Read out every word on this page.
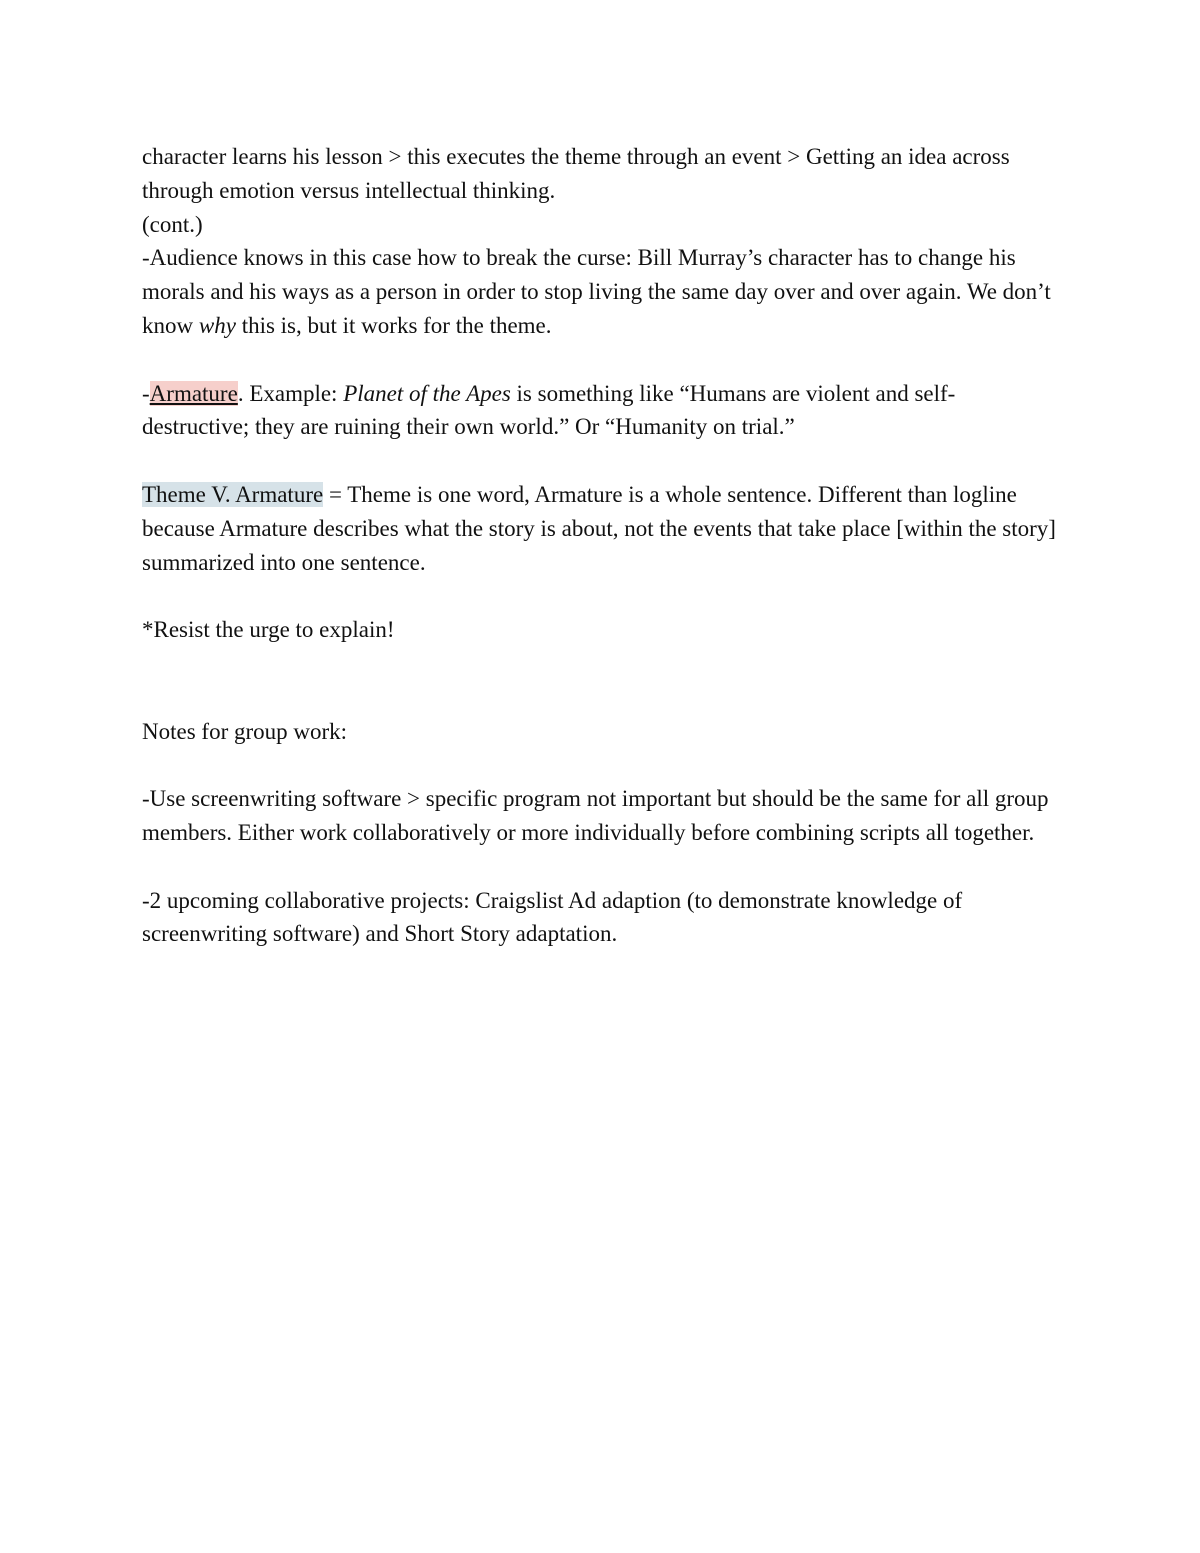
character learns his lesson > this executes the theme through an event > Getting an idea across through emotion versus intellectual thinking.

(cont.)

-Audience knows in this case how to break the curse: Bill Murray’s character has to change his morals and his ways as a person in order to stop living the same day over and over again. We don’t know why this is, but it works for the theme.

-Armature. Example: Planet of the Apes is something like “Humans are violent and self-destructive; they are ruining their own world.” Or “Humanity on trial.”

Theme V. Armature = Theme is one word, Armature is a whole sentence. Different than logline because Armature describes what the story is about, not the events that take place [within the story] summarized into one sentence.

*Resist the urge to explain!

Notes for group work:

-Use screenwriting software > specific program not important but should be the same for all group members. Either work collaboratively or more individually before combining scripts all together.

-2 upcoming collaborative projects: Craigslist Ad adaption (to demonstrate knowledge of screenwriting software) and Short Story adaptation.
